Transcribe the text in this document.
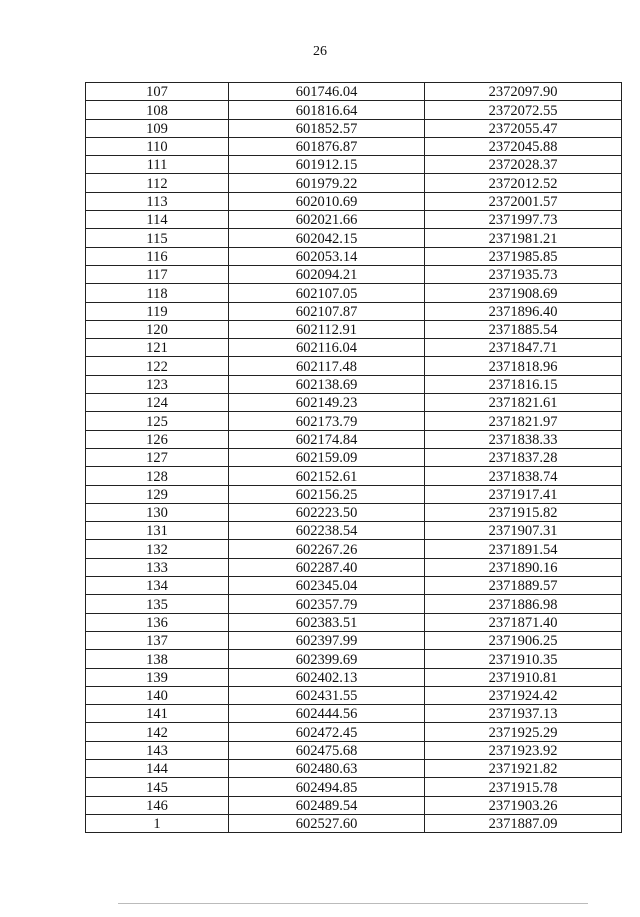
26
107	601746.04	2372097.90
108	601816.64	2372072.55
109	601852.57	2372055.47
110	601876.87	2372045.88
111	601912.15	2372028.37
112	601979.22	2372012.52
113	602010.69	2372001.57
114	602021.66	2371997.73
115	602042.15	2371981.21
116	602053.14	2371985.85
117	602094.21	2371935.73
118	602107.05	2371908.69
119	602107.87	2371896.40
120	602112.91	2371885.54
121	602116.04	2371847.71
122	602117.48	2371818.96
123	602138.69	2371816.15
124	602149.23	2371821.61
125	602173.79	2371821.97
126	602174.84	2371838.33
127	602159.09	2371837.28
128	602152.61	2371838.74
129	602156.25	2371917.41
130	602223.50	2371915.82
131	602238.54	2371907.31
132	602267.26	2371891.54
133	602287.40	2371890.16
134	602345.04	2371889.57
135	602357.79	2371886.98
136	602383.51	2371871.40
137	602397.99	2371906.25
138	602399.69	2371910.35
139	602402.13	2371910.81
140	602431.55	2371924.42
141	602444.56	2371937.13
142	602472.45	2371925.29
143	602475.68	2371923.92
144	602480.63	2371921.82
145	602494.85	2371915.78
146	602489.54	2371903.26
1	602527.60	2371887.09
